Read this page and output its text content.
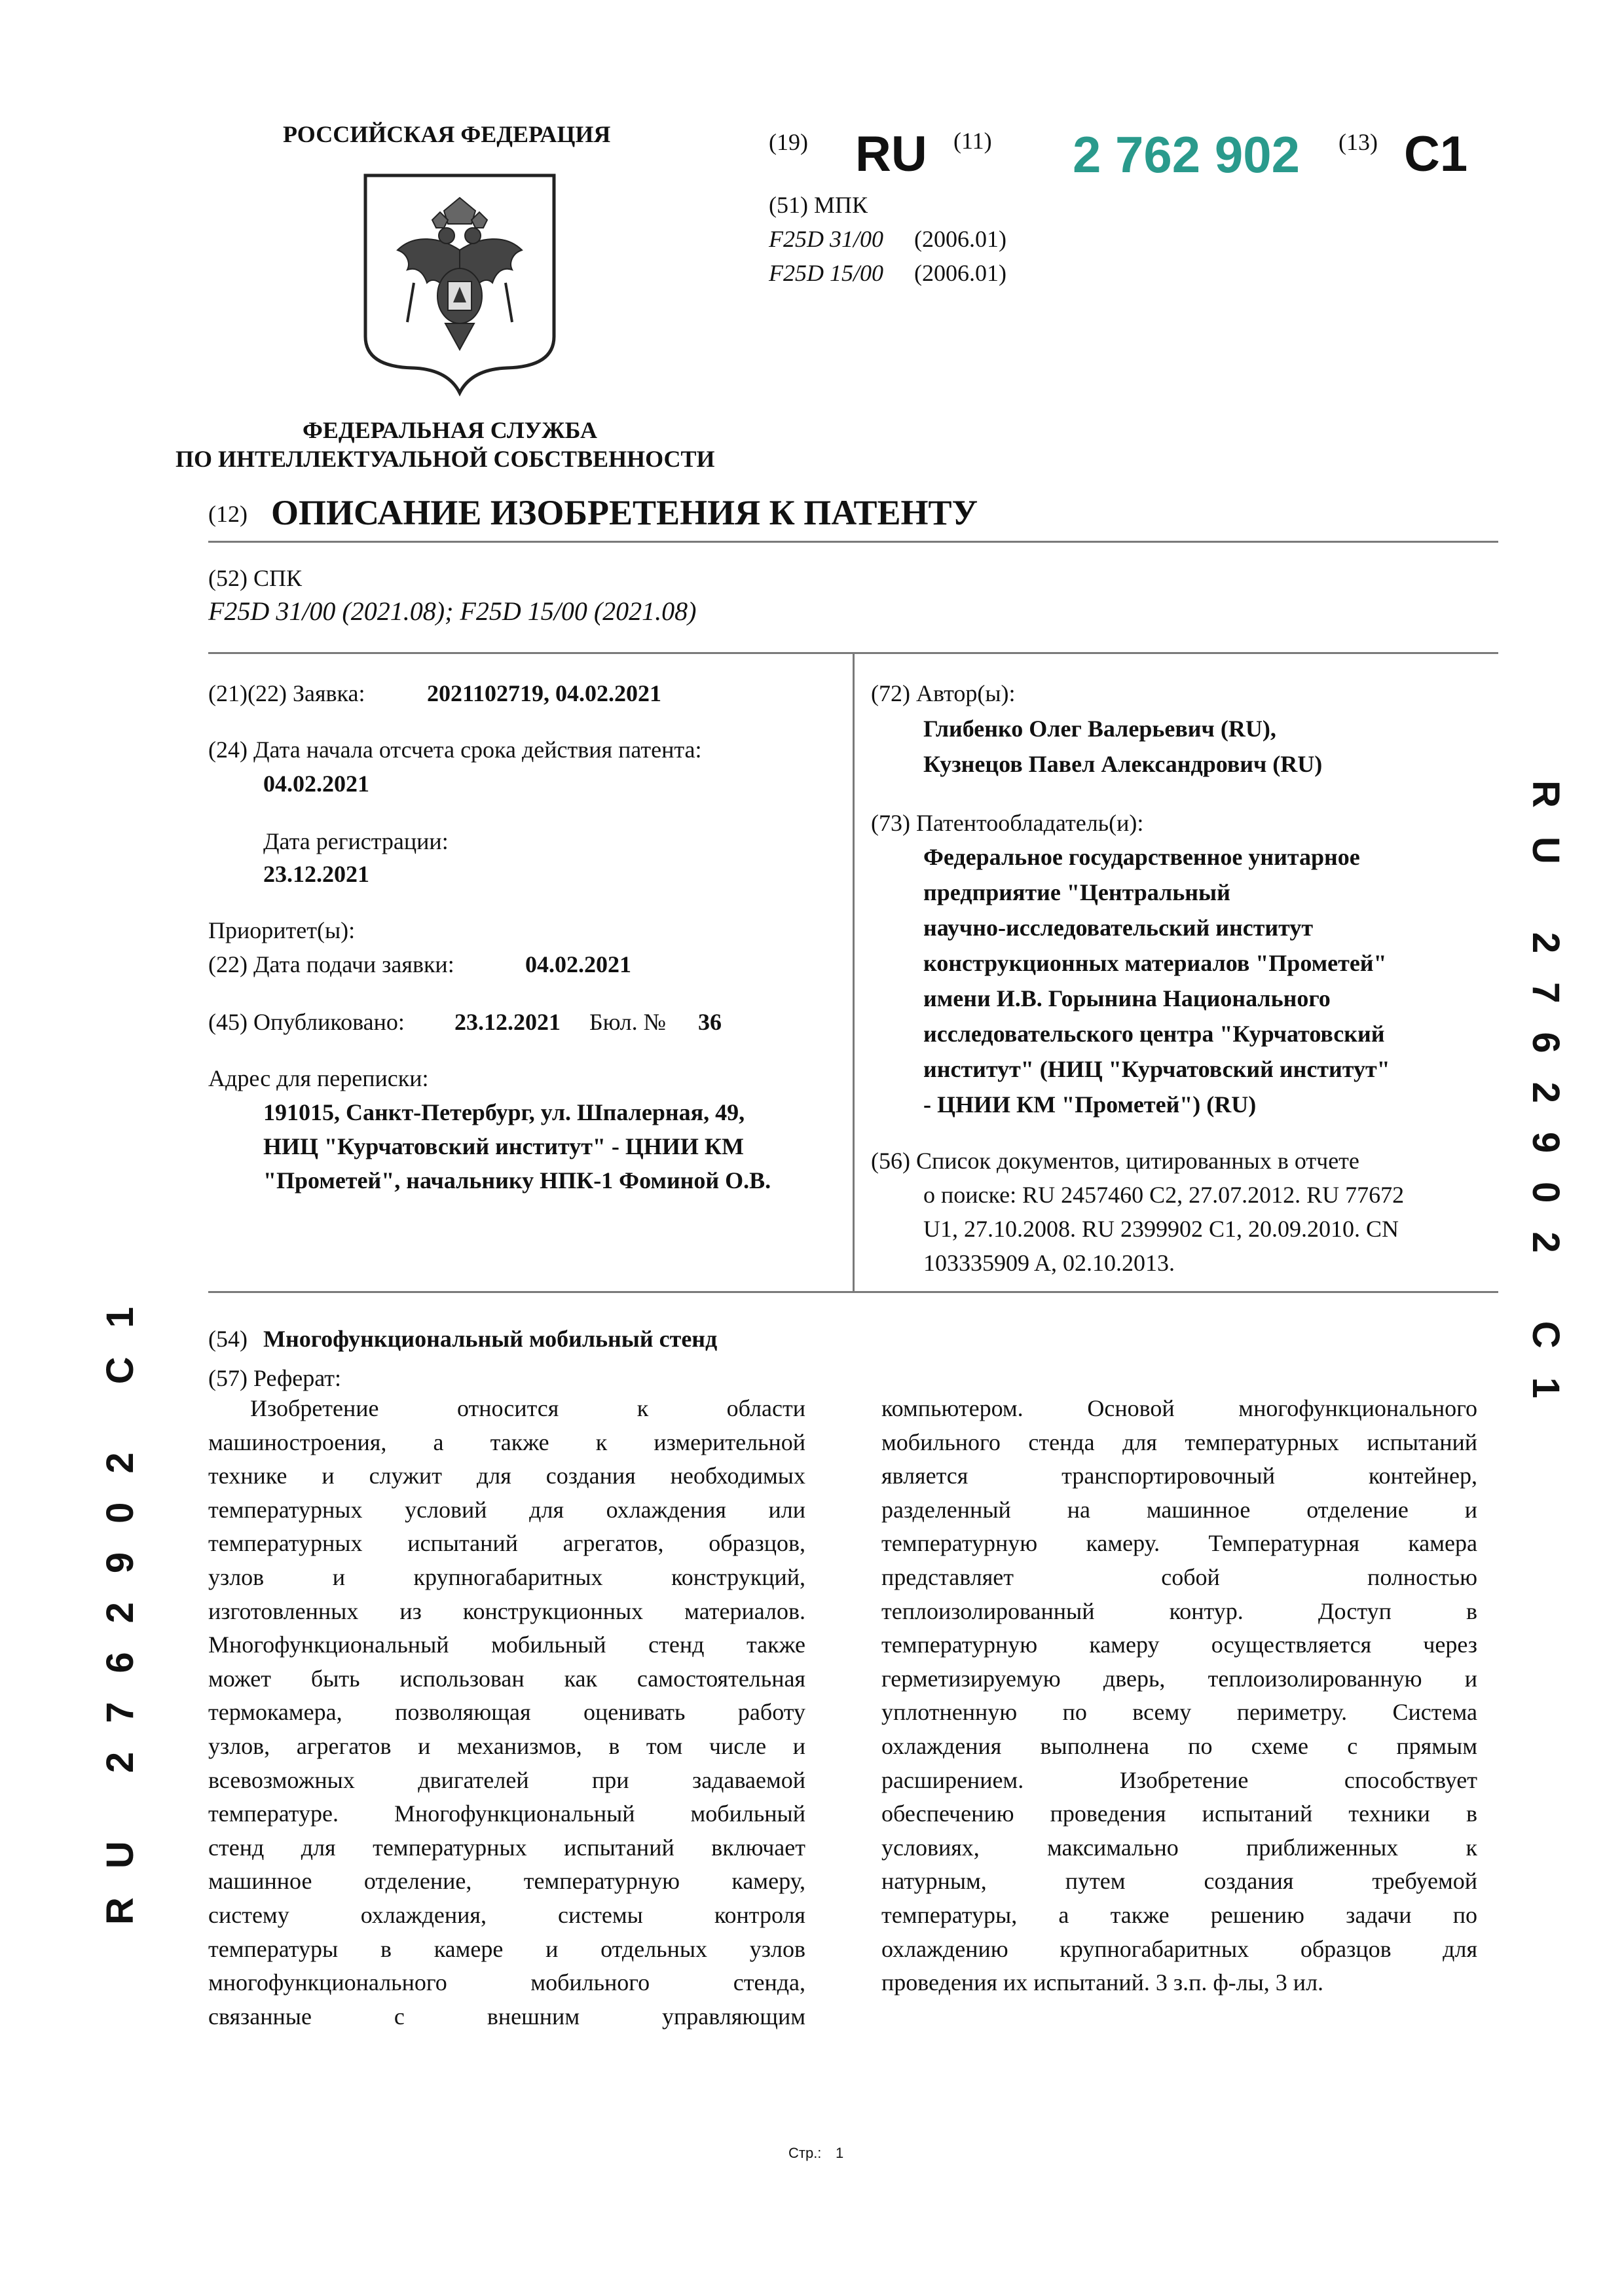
РОССИЙСКАЯ ФЕДЕРАЦИЯ
ФЕДЕРАЛЬНАЯ СЛУЖБА
ПО ИНТЕЛЛЕКТУАЛЬНОЙ СОБСТВЕННОСТИ
(19) RU (11) 2 762 902 (13) C1
(51) МПК
F25D 31/00 (2006.01)
F25D 15/00 (2006.01)
(12) ОПИСАНИЕ ИЗОБРЕТЕНИЯ К ПАТЕНТУ
(52) СПК
F25D 31/00 (2021.08); F25D 15/00 (2021.08)
(21)(22) Заявка:	2021102719, 04.02.2021
(24) Дата начала отсчета срока действия патента:
04.02.2021
Дата регистрации:
23.12.2021
Приоритет(ы):
(22) Дата подачи заявки:	04.02.2021
(45) Опубликовано: 23.12.2021 Бюл. № 36
Адрес для переписки:
191015, Санкт-Петербург, ул. Шпалерная, 49,
НИЦ "Курчатовский институт" - ЦНИИ КМ
"Прометей", начальнику НПК-1 Фоминой О.В.
(72) Автор(ы):
Глибенко Олег Валерьевич (RU),
Кузнецов Павел Александрович (RU)
(73) Патентообладатель(и):
Федеральное государственное унитарное
предприятие "Центральный
научно-исследовательский институт
конструкционных материалов "Прометей"
имени И.В. Горынина Национального
исследовательского центра "Курчатовский
институт" (НИЦ "Курчатовский институт"
- ЦНИИ КМ "Прометей") (RU)
(56) Список документов, цитированных в отчете
о поиске: RU 2457460 C2, 27.07.2012. RU 77672
U1, 27.10.2008. RU 2399902 C1, 20.09.2010. CN
103335909 A, 02.10.2013.
(54) Многофункциональный мобильный стенд
(57) Реферат:
Изобретение относится к области
машиностроения, а также к измерительной
технике и служит для создания необходимых
температурных условий для охлаждения или
температурных испытаний агрегатов, образцов,
узлов и крупногабаритных конструкций,
изготовленных из конструкционных материалов.
Многофункциональный мобильный стенд также
может быть использован как самостоятельная
термокамера, позволяющая оценивать работу
узлов, агрегатов и механизмов, в том числе и
всевозможных двигателей при задаваемой
температуре. Многофункциональный мобильный
стенд для температурных испытаний включает
машинное отделение, температурную камеру,
систему охлаждения, системы контроля
температуры в камере и отдельных узлов
многофункционального мобильного стенда,
связанные с внешним управляющим
компьютером. Основой многофункционального
мобильного стенда для температурных испытаний
является транспортировочный контейнер,
разделенный на машинное отделение и
температурную камеру. Температурная камера
представляет собой полностью
теплоизолированный контур. Доступ в
температурную камеру осуществляется через
герметизируемую дверь, теплоизолированную и
уплотненную по всему периметру. Система
охлаждения выполнена по схеме с прямым
расширением. Изобретение способствует
обеспечению проведения испытаний техники в
условиях, максимально приближенных к
натурным, путем создания требуемой
температуры, а также решению задачи по
охлаждению крупногабаритных образцов для
проведения их испытаний. 3 з.п. ф-лы, 3 ил.
RU 2762902 C1
RU 2762902 C1
Стр.: 1
